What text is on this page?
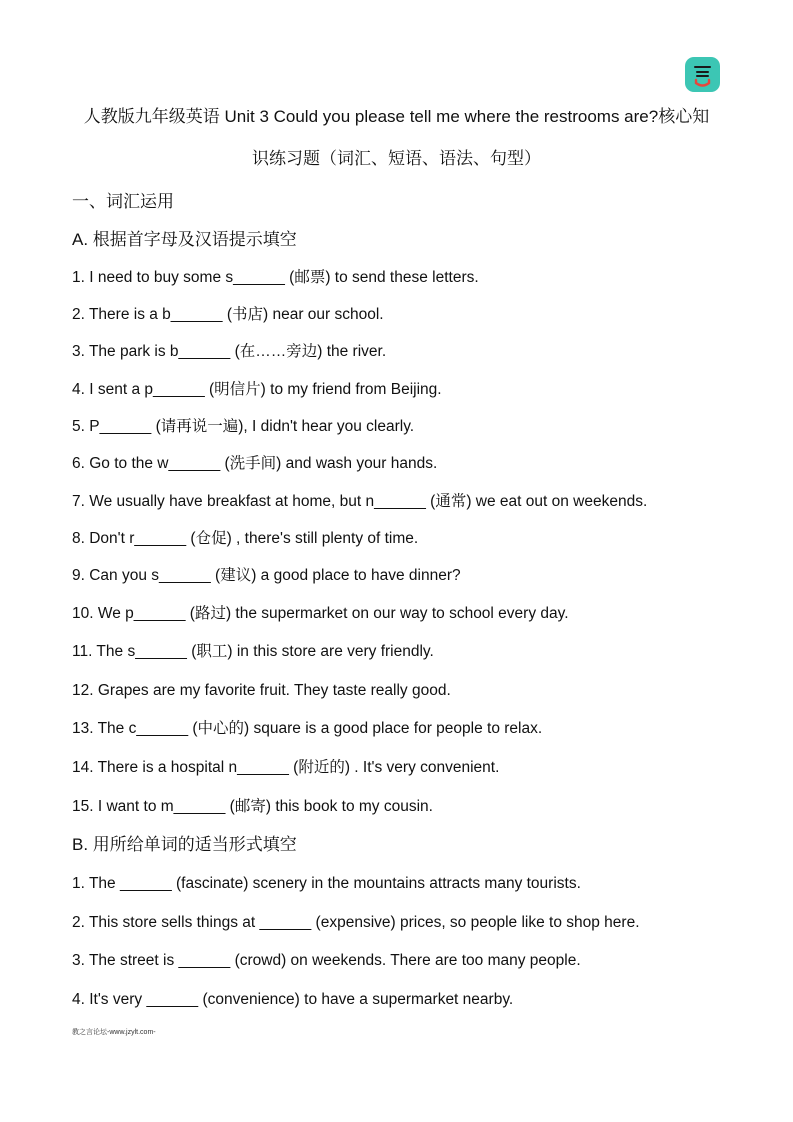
人教版九年级英语 Unit 3 Could you please tell me where the restrooms are?核心知
识练习题（词汇、短语、语法、句型）
一、词汇运用
A. 根据首字母及汉语提示填空
1. I need to buy some s______ (邮票) to send these letters.
2. There is a b______ (书店) near our school.
3. The park is b______ (在……旁边) the river.
4. I sent a p______ (明信片) to my friend from Beijing.
5. P______ (请再说一遍), I didn't hear you clearly.
6. Go to the w______ (洗手间) and wash your hands.
7. We usually have breakfast at home, but n______ (通常) we eat out on weekends.
8. Don't r______ (仓促) , there's still plenty of time.
9. Can you s______ (建议) a good place to have dinner?
10. We p______ (路过) the supermarket on our way to school every day.
11. The s______ (职工) in this store are very friendly.
12. Grapes are my favorite fruit. They taste really good.
13. The c______ (中心的) square is a good place for people to relax.
14. There is a hospital n______ (附近的) . It's very convenient.
15. I want to m______ (邮寄) this book to my cousin.
B. 用所给单词的适当形式填空
1. The ______ (fascinate) scenery in the mountains attracts many tourists.
2. This store sells things at ______ (expensive) prices, so people like to shop here.
3. The street is ______ (crowd) on weekends. There are too many people.
4. It's very ______ (convenience) to have a supermarket nearby.
教之言论坛-www.jzylt.com-
